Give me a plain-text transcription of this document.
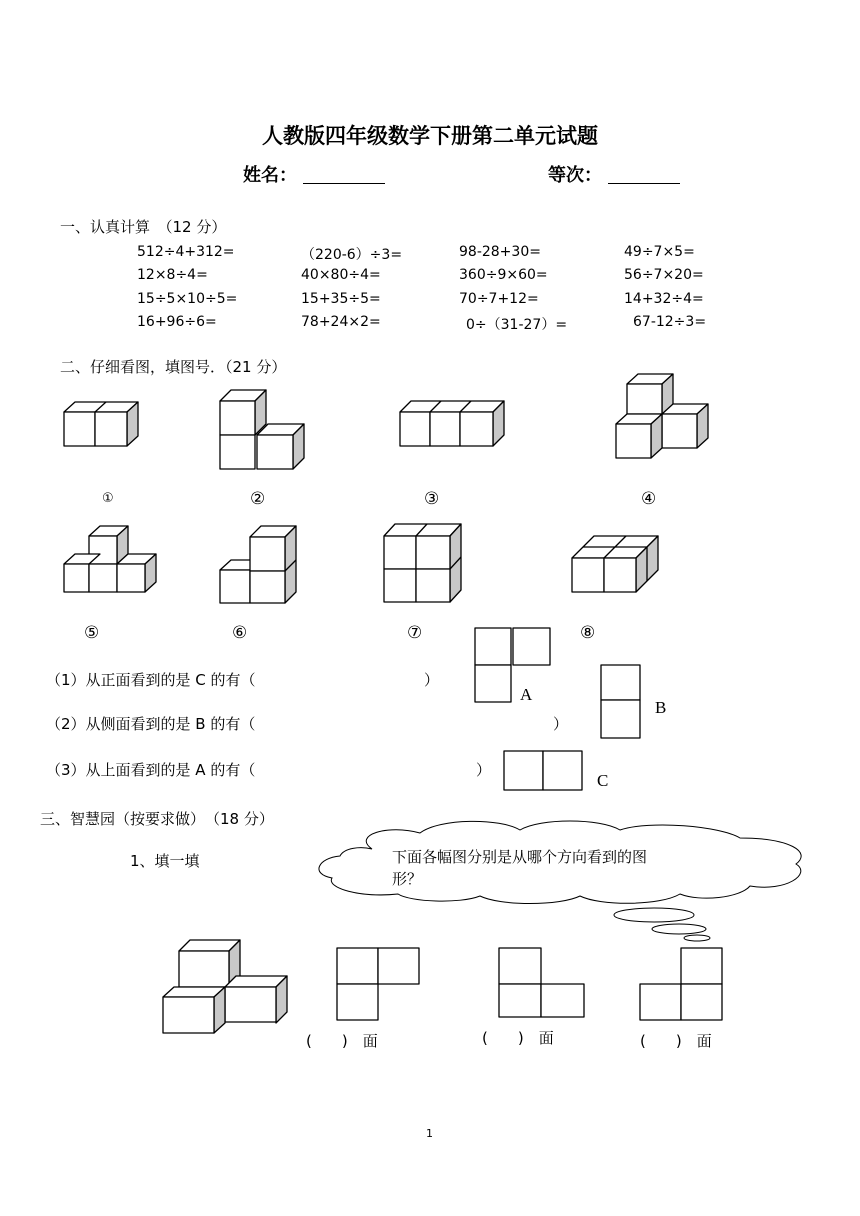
人教版四年级数学下册第二单元试题
姓名：	等次：
一、认真计算　（12 分）
512÷4+312=	（220-6）÷3=	98-28+30=	49÷7×5=
12×8÷4=	40×80÷4=	360÷9×60=	56÷7×20=
15÷5×10÷5=	15+35÷5=	70÷7+12=	14+32÷4=
16+96÷6=	78+24×2=	0÷（31-27）=	67-12÷3=
二、仔细看图，填图号．（21 分）
①	②	③	④
⑤	⑥	⑦	⑧
（1）从正面看到的是 C 的有（	）
（2）从侧面看到的是 B 的有（	）
（3）从上面看到的是 A 的有（	）
A
B
C
三、智慧园（按要求做）　（18 分）
1、填一填	下面各幅图分别是从哪个方向看到的图
形？
(　　)　面	(　　)　面	(　　)　面
1
